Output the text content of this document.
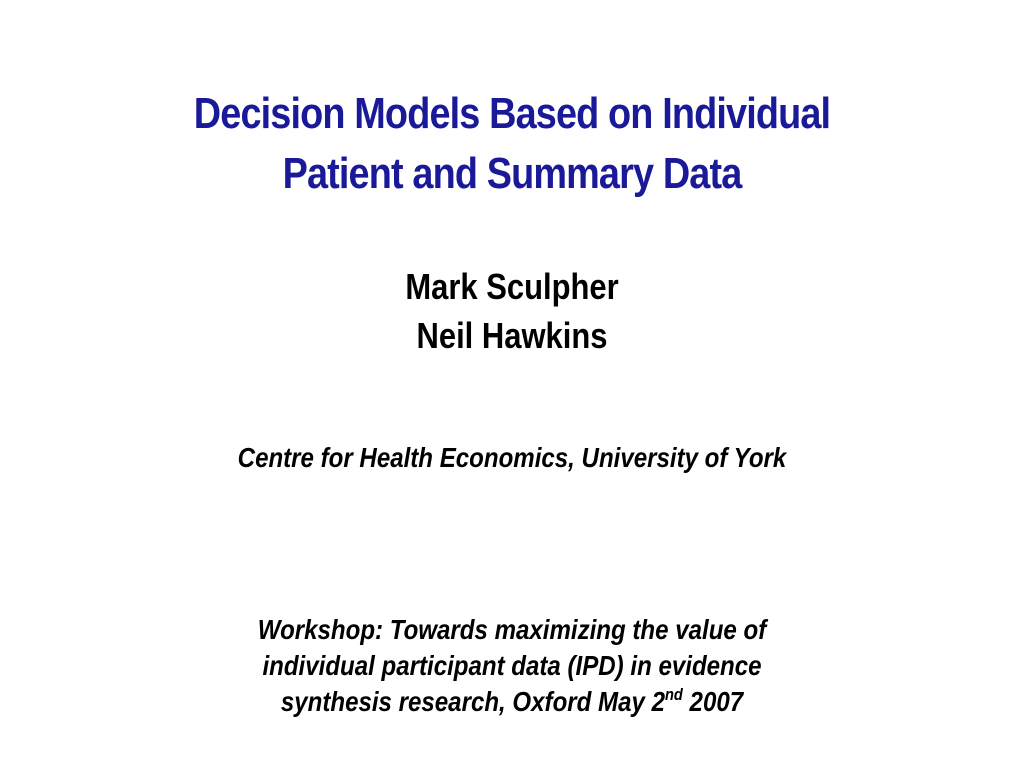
Decision Models Based on Individual
Patient and Summary Data
Mark Sculpher
Neil Hawkins
Centre for Health Economics, University of York
Workshop: Towards maximizing the value of
individual participant data (IPD) in evidence
synthesis research, Oxford May 2nd 2007
